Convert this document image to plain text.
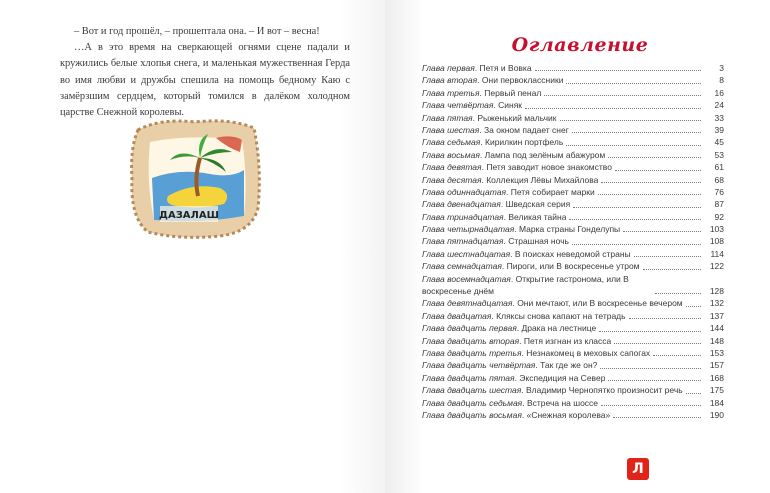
– Вот и год прошёл, – прошептала она. – И вот – весна!

…А в это время на сверкающей огнями сцене падали и кружились белые хлопья снега, и маленькая мужественная Герда во имя любви и дружбы спешила на помощь бедному Каю с замёрзшим сердцем, который томился в далёком холодном царстве Снежной королевы.

ДАЗАЛАШ
Оглавление
Глава первая. Петя и Вовка	3
Глава вторая. Они первоклассники	8
Глава третья. Первый пенал	16
Глава четвёртая. Синяк	24
Глава пятая. Рыженький мальчик	33
Глава шестая. За окном падает снег	39
Глава седьмая. Кирилкин портфель	45
Глава восьмая. Лампа под зелёным абажуром	53
Глава девятая. Петя заводит новое знакомство	61
Глава десятая. Коллекция Лёвы Михайлова	68
Глава одиннадцатая. Петя собирает марки	76
Глава двенадцатая. Шведская серия	87
Глава тринадцатая. Великая тайна	92
Глава четырнадцатая. Марка страны Гонделупы	103
Глава пятнадцатая. Страшная ночь	108
Глава шестнадцатая. В поисках неведомой страны	114
Глава семнадцатая. Пироги, или В воскресенье утром	122
Глава восемнадцатая. Открытие гастронома, или В воскресенье днём	128
Глава девятнадцатая. Они мечтают, или В воскресенье вечером	132
Глава двадцатая. Кляксы снова капают на тетрадь	137
Глава двадцать первая. Драка на лестнице	144
Глава двадцать вторая. Петя изгнан из класса	148
Глава двадцать третья. Незнакомец в меховых сапогах	153
Глава двадцать четвёртая. Так где же он?	157
Глава двадцать пятая. Экспедиция на Север	168
Глава двадцать шестая. Владимир Чернопятко произносит речь	175
Глава двадцать седьмая. Встреча на шоссе	184
Глава двадцать восьмая. «Снежная королева»	190
Л
